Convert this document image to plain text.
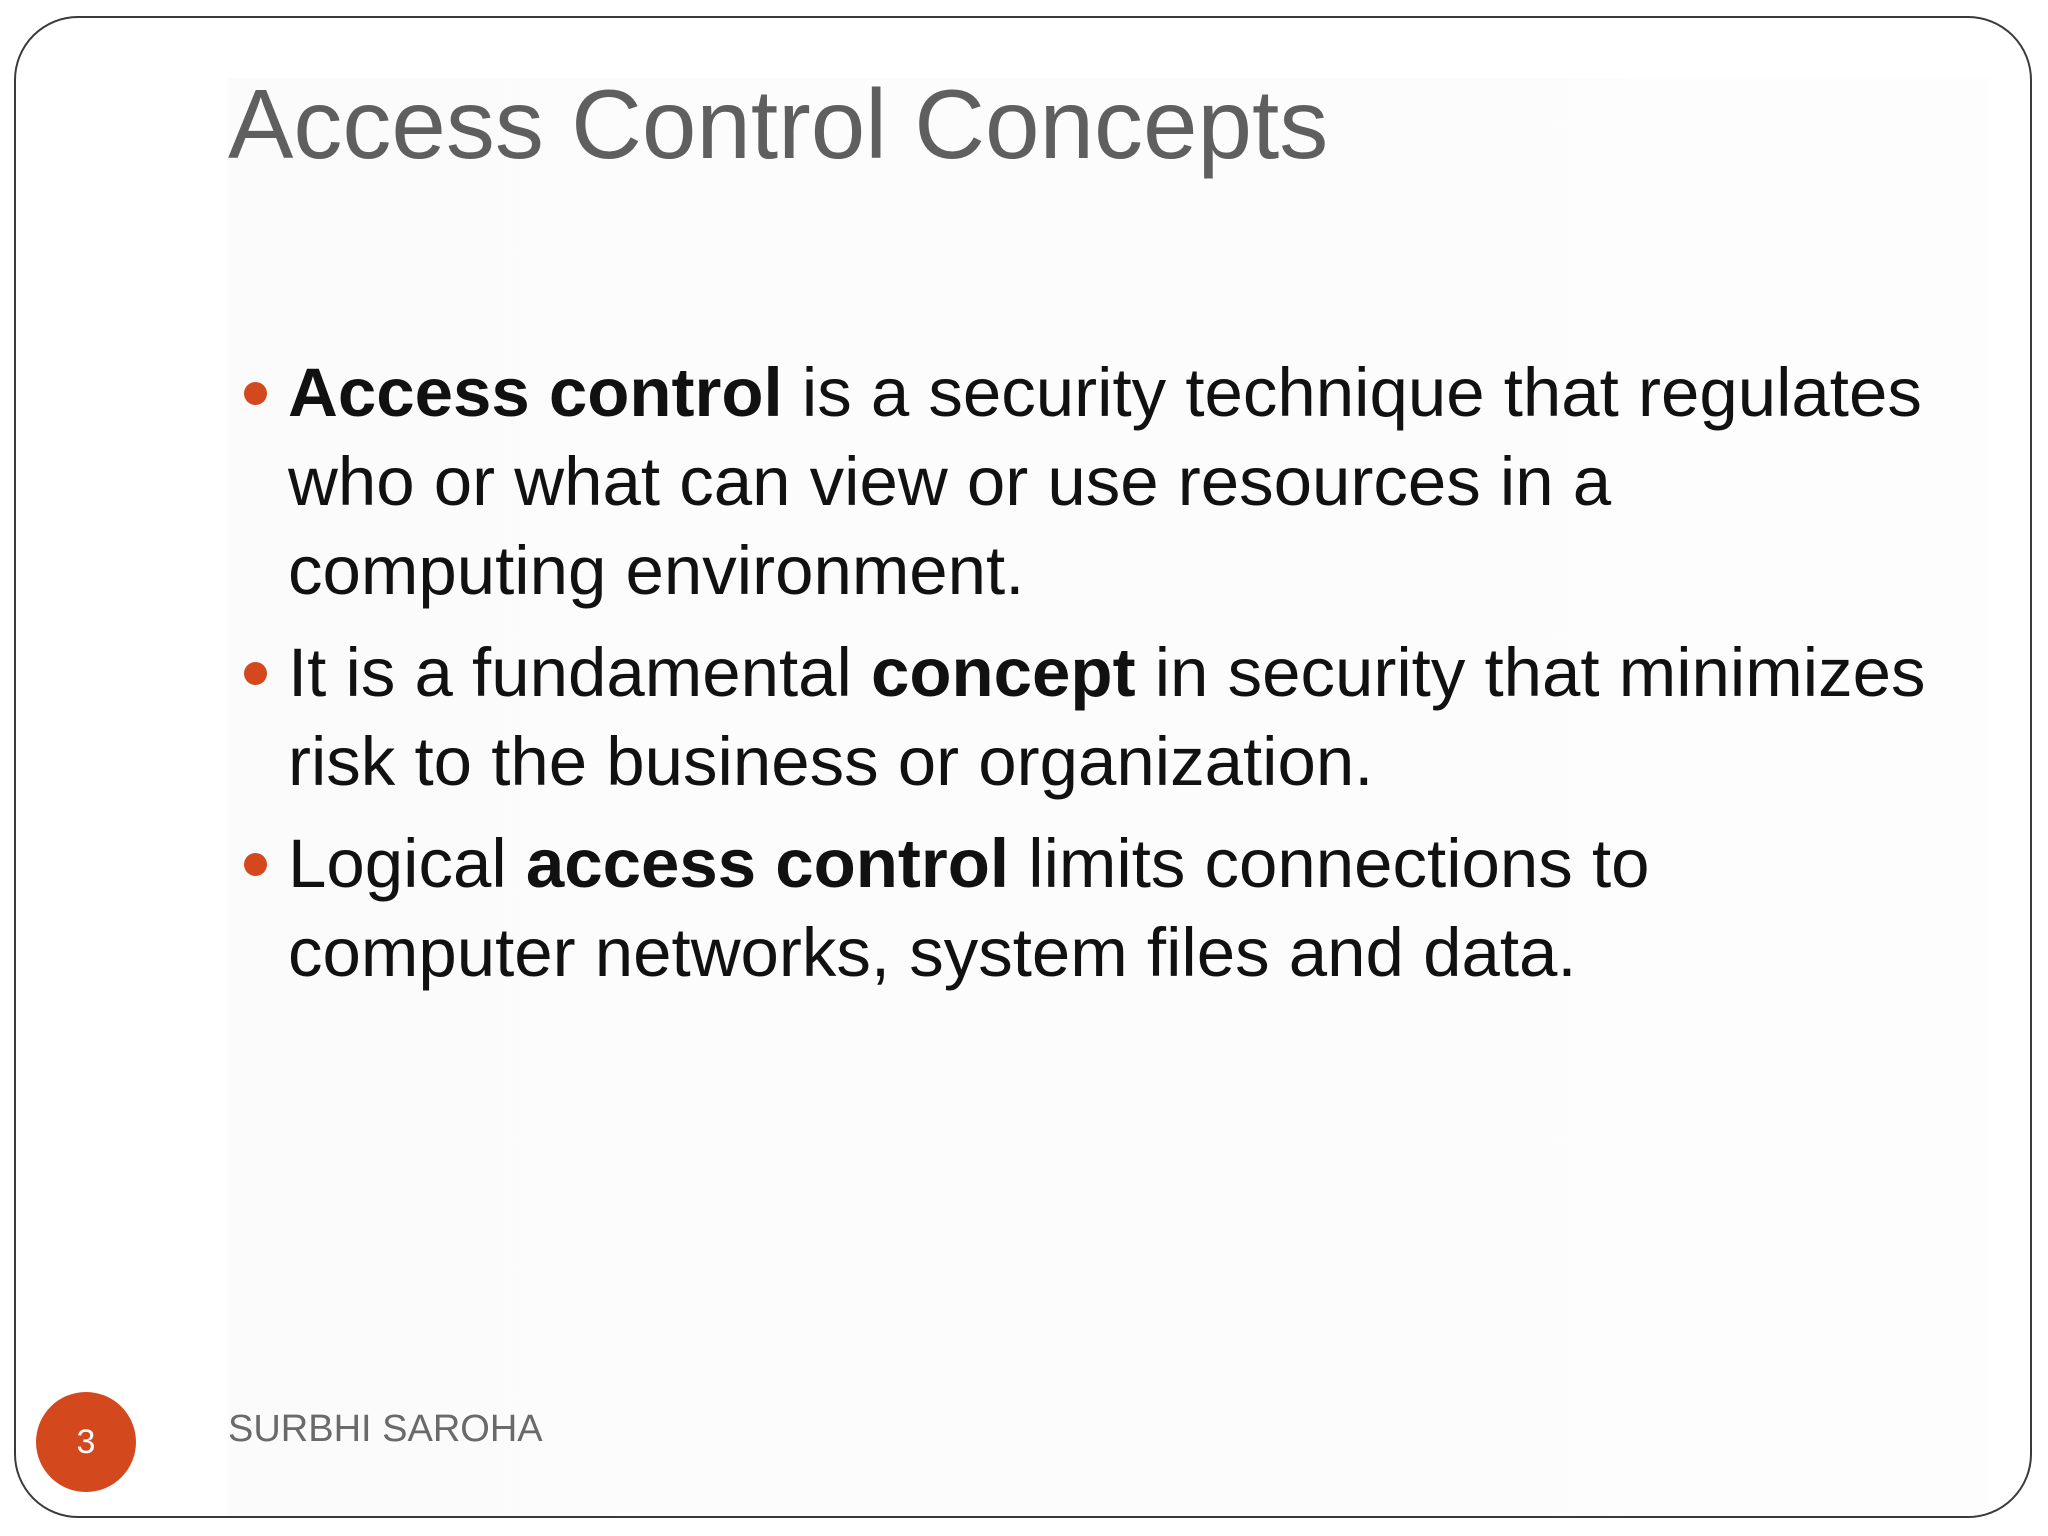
Access Control Concepts
Access control is a security technique that regulates who or what can view or use resources in a computing environment.
It is a fundamental concept in security that minimizes risk to the business or organization.
Logical access control limits connections to computer networks, system files and data.
3	SURBHI SAROHA
